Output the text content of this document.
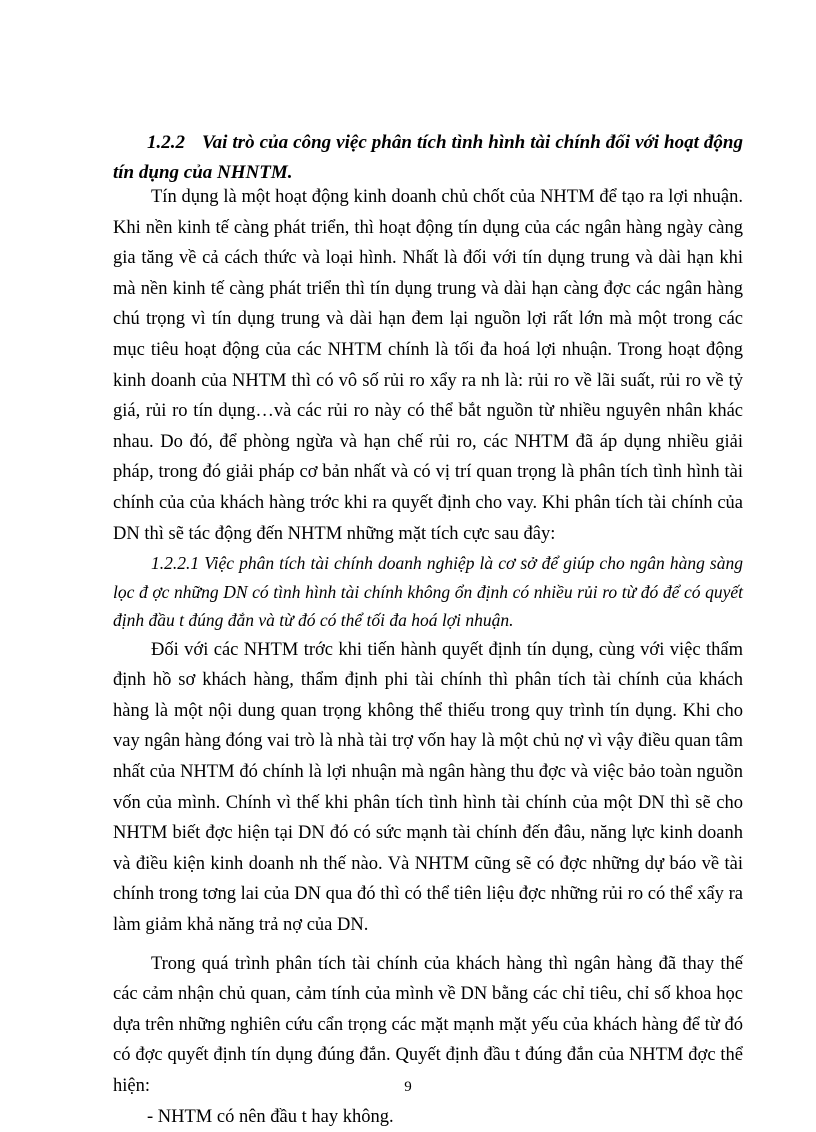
1.2.2 Vai trò của công việc phân tích tình hình tài chính đối với hoạt động tín dụng của NHNTM.

Tín dụng là một hoạt động kinh doanh chủ chốt của NHTM để tạo ra lợi nhuận. Khi nền kinh tế càng phát triển, thì hoạt động tín dụng của các ngân hàng ngày càng gia tăng về cả cách thức và loại hình. Nhất là đối với tín dụng trung và dài hạn khi mà nền kinh tế càng phát triển thì tín dụng trung và dài hạn càng đợc các ngân hàng chú trọng vì tín dụng trung và dài hạn đem lại nguồn lợi rất lớn mà một trong các mục tiêu hoạt động của các NHTM chính là tối đa hoá lợi nhuận. Trong hoạt động kinh doanh của NHTM thì có vô số rủi ro xẩy ra nh là: rủi ro về lãi suất, rủi ro về tỷ giá, rủi ro tín dụng…và các rủi ro này có thể bắt nguồn từ nhiều nguyên nhân khác nhau. Do đó, để phòng ngừa và hạn chế rủi ro, các NHTM đã áp dụng nhiều giải pháp, trong đó giải pháp cơ bản nhất và có vị trí quan trọng là phân tích tình hình tài chính của của khách hàng trớc khi ra quyết định cho vay. Khi phân tích tài chính của DN thì sẽ tác động đến NHTM những mặt tích cực sau đây:

1.2.2.1 Việc phân tích tài chính doanh nghiệp là cơ sở để giúp cho ngân hàng sàng lọc đ ợc những DN có tình hình tài chính không ổn định có nhiều rủi ro từ đó để có quyết định đầu t đúng đắn và từ đó có thể tối đa hoá lợi nhuận.

Đối với các NHTM trớc khi tiến hành quyết định tín dụng, cùng với việc thẩm định hồ sơ khách hàng, thẩm định phi tài chính thì phân tích tài chính của khách hàng là một nội dung quan trọng không thể thiếu trong quy trình tín dụng. Khi cho vay ngân hàng đóng vai trò là nhà tài trợ vốn hay là một chủ nợ vì vậy điều quan tâm nhất của NHTM đó chính là lợi nhuận mà ngân hàng thu đợc và việc bảo toàn nguồn vốn của mình. Chính vì thế khi phân tích tình hình tài chính của một DN thì sẽ cho NHTM biết đợc hiện tại DN đó có sức mạnh tài chính đến đâu, năng lực kinh doanh và điều kiện kinh doanh nh thế nào. Và NHTM cũng sẽ có đợc những dự báo về tài chính trong tơng lai của DN qua đó thì có thể tiên liệu đợc những rủi ro có thể xẩy ra làm giảm khả năng trả nợ của DN.

Trong quá trình phân tích tài chính của khách hàng thì ngân hàng đã thay thế các cảm nhận chủ quan, cảm tính của mình về DN bằng các chỉ tiêu, chỉ số khoa học dựa trên những nghiên cứu cẩn trọng các mặt mạnh mặt yếu của khách hàng để từ đó có đợc quyết định tín dụng đúng đắn. Quyết định đầu t đúng đắn của NHTM đợc thể hiện:

- NHTM có nên đầu t hay không.

9
